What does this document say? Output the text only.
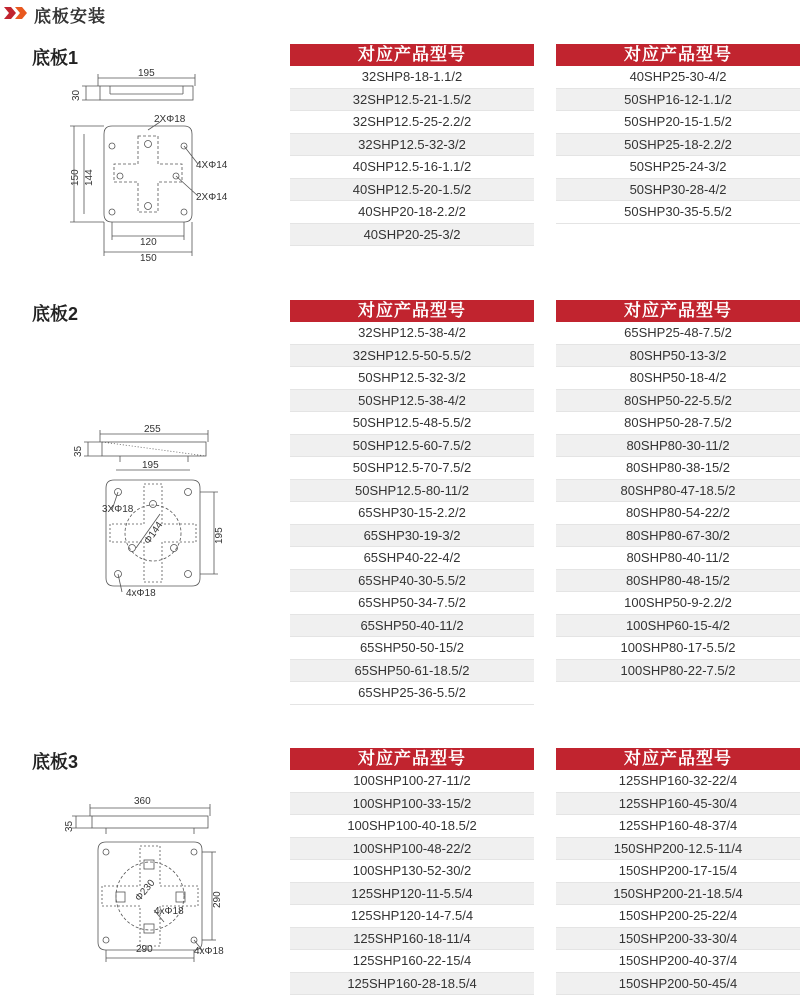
底板安装
底板1
195
30
2XΦ18
4XΦ14
2XΦ14
150 144
120
150
对应产品型号
32SHP8-18-1.1/2
32SHP12.5-21-1.5/2
32SHP12.5-25-2.2/2
32SHP12.5-32-3/2
40SHP12.5-16-1.1/2
40SHP12.5-20-1.5/2
40SHP20-18-2.2/2
40SHP20-25-3/2
对应产品型号
40SHP25-30-4/2
50SHP16-12-1.1/2
50SHP20-15-1.5/2
50SHP25-18-2.2/2
50SHP25-24-3/2
50SHP30-28-4/2
50SHP30-35-5.5/2
底板2
255
35
195
3XΦ18
Φ144	195
4xΦ18
对应产品型号
32SHP12.5-38-4/2
32SHP12.5-50-5.5/2
50SHP12.5-32-3/2
50SHP12.5-38-4/2
50SHP12.5-48-5.5/2
50SHP12.5-60-7.5/2
50SHP12.5-70-7.5/2
50SHP12.5-80-11/2
65SHP30-15-2.2/2
65SHP30-19-3/2
65SHP40-22-4/2
65SHP40-30-5.5/2
65SHP50-34-7.5/2
65SHP50-40-11/2
65SHP50-50-15/2
65SHP50-61-18.5/2
65SHP25-36-5.5/2
对应产品型号
65SHP25-48-7.5/2
80SHP50-13-3/2
80SHP50-18-4/2
80SHP50-22-5.5/2
80SHP50-28-7.5/2
80SHP80-30-11/2
80SHP80-38-15/2
80SHP80-47-18.5/2
80SHP80-54-22/2
80SHP80-67-30/2
80SHP80-40-11/2
80SHP80-48-15/2
100SHP50-9-2.2/2
100SHP60-15-4/2
100SHP80-17-5.5/2
100SHP80-22-7.5/2
底板3
360
35
Φ230
4xΦ18
290
4xΦ18
290
对应产品型号
100SHP100-27-11/2
100SHP100-33-15/2
100SHP100-40-18.5/2
100SHP100-48-22/2
100SHP130-52-30/2
125SHP120-11-5.5/4
125SHP120-14-7.5/4
125SHP160-18-11/4
125SHP160-22-15/4
125SHP160-28-18.5/4
对应产品型号
125SHP160-32-22/4
125SHP160-45-30/4
125SHP160-48-37/4
150SHP200-12.5-11/4
150SHP200-17-15/4
150SHP200-21-18.5/4
150SHP200-25-22/4
150SHP200-33-30/4
150SHP200-40-37/4
150SHP200-50-45/4
